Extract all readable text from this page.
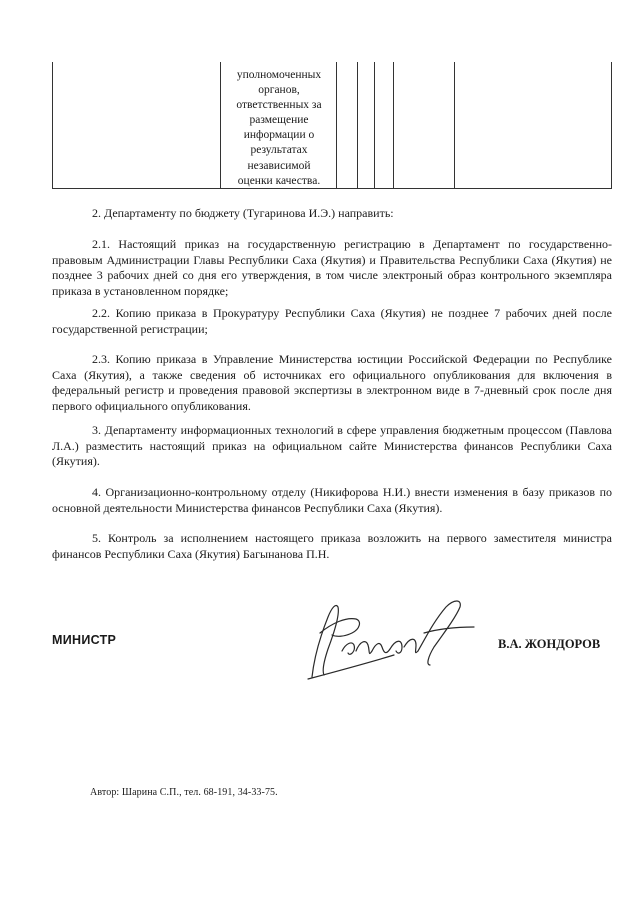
уполномоченных
органов,
ответственных за
размещение
информации о
результатах
независимой
оценки качества.

2. Департаменту по бюджету (Тугаринова И.Э.) направить:

2.1. Настоящий приказ на государственную регистрацию в Департамент по государственно-правовым Администрации Главы Республики Саха (Якутия) и Правительства Республики Саха (Якутия) не позднее 3 рабочих дней со дня его утверждения, в том числе электроный образ контрольного экземпляра приказа в установленном порядке;

2.2. Копию приказа в Прокуратуру Республики Саха (Якутия) не позднее 7 рабочих дней после государственной регистрации;

2.3. Копию приказа в Управление Министерства юстиции Российской Федерации по Республике Саха (Якутия), а также сведения об источниках его официального опубликования для включения в федеральный регистр и проведения правовой экспертизы в электронном виде в 7-дневный срок после дня первого официального опубликования.

3. Департаменту информационных технологий в сфере управления бюджетным процессом (Павлова Л.А.) разместить настоящий приказ на официальном сайте Министерства финансов Республики Саха (Якутия).

4. Организационно-контрольному отделу (Никифорова Н.И.) внести изменения в базу приказов по основной деятельности Министерства финансов Республики Саха (Якутия).

5. Контроль за исполнением настоящего приказа возложить на первого заместителя министра финансов Республики Саха (Якутия) Багынанова П.Н.

МИНИСТР	В.А. ЖОНДОРОВ
Автор: Шарина С.П., тел. 68-191, 34-33-75.
